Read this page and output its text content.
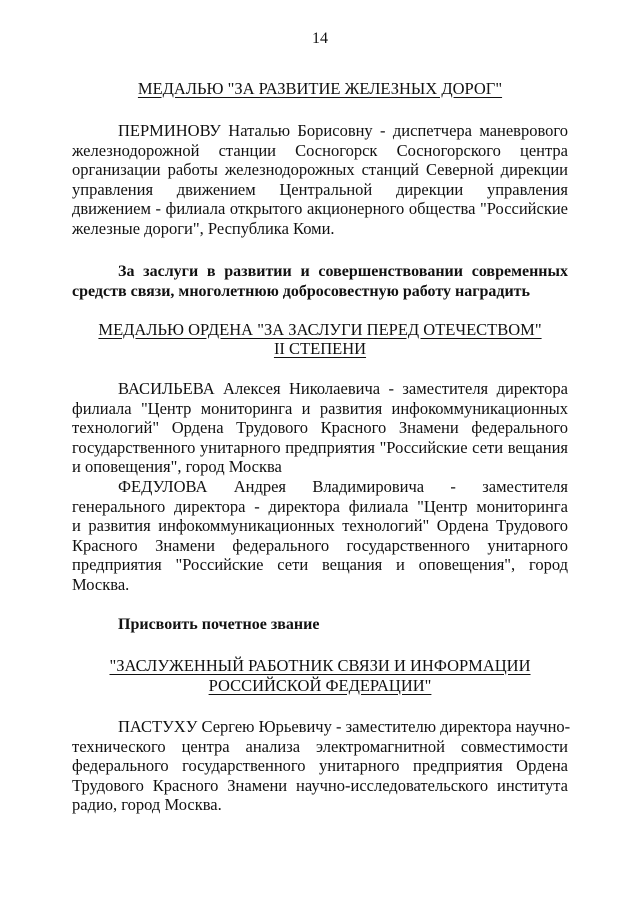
14
МЕДАЛЬЮ "ЗА РАЗВИТИЕ ЖЕЛЕЗНЫХ ДОРОГ"
ПЕРМИНОВУ Наталью Борисовну - диспетчера маневрового
железнодорожной станции Сосногорск Сосногорского центра
организации работы железнодорожных станций Северной дирекции
управления движением Центральной дирекции управления
движением - филиала открытого акционерного общества "Российские
железные дороги", Республика Коми.
За заслуги в развитии и совершенствовании современных
средств связи, многолетнюю добросовестную работу наградить
МЕДАЛЬЮ ОРДЕНА "ЗА ЗАСЛУГИ ПЕРЕД ОТЕЧЕСТВОМ"
II СТЕПЕНИ
ВАСИЛЬЕВА Алексея Николаевича - заместителя директора
филиала "Центр мониторинга и развития инфокоммуникационных
технологий" Ордена Трудового Красного Знамени федерального
государственного унитарного предприятия "Российские сети вещания
и оповещения", город Москва
ФЕДУЛОВА Андрея Владимировича - заместителя
генерального директора - директора филиала "Центр мониторинга
и развития инфокоммуникационных технологий" Ордена Трудового
Красного Знамени федерального государственного унитарного
предприятия "Российские сети вещания и оповещения", город
Москва.
Присвоить почетное звание
"ЗАСЛУЖЕННЫЙ РАБОТНИК СВЯЗИ И ИНФОРМАЦИИ
РОССИЙСКОЙ ФЕДЕРАЦИИ"
ПАСТУХУ Сергею Юрьевичу - заместителю директора научно-
технического центра анализа электромагнитной совместимости
федерального государственного унитарного предприятия Ордена
Трудового Красного Знамени научно-исследовательского института
радио, город Москва.
